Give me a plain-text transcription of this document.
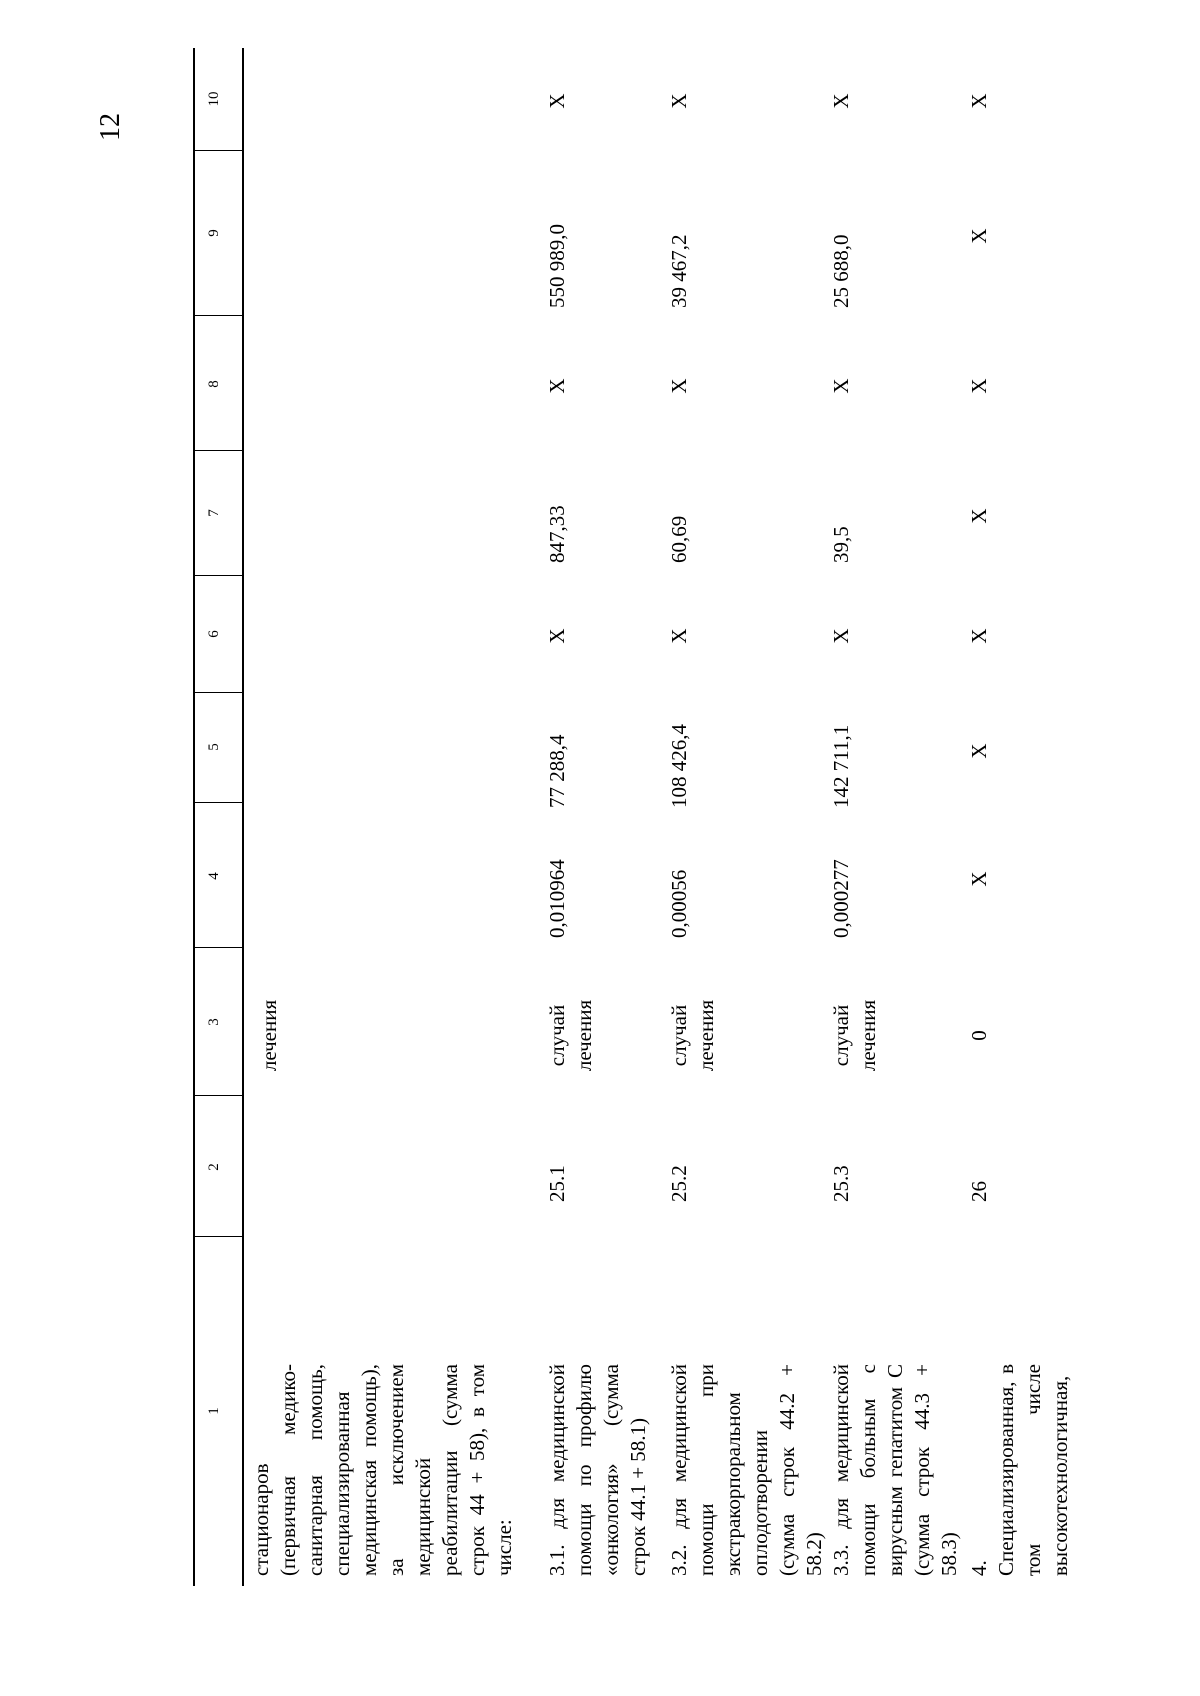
12
1
2
3
4
5
6
7
8
9
10
стационаров (первичная медико-санитарная помощь, специализированная медицинская помощь), за исключением медицинской реабилитации (сумма строк 44 + 58), в том числе:
лечения
3.1. для медицинской помощи по профилю «онкология» (сумма строк 44.1 + 58.1)
25.1
случай лечения
0,010964
77 288,4
X
847,33
X
550 989,0
X
3.2. для медицинской помощи при экстракорпоральном оплодотворении (сумма строк 44.2 + 58.2)
25.2
случай лечения
0,00056
108 426,4
X
60,69
X
39 467,2
X
3.3. для медицинской помощи больным с вирусным гепатитом С (сумма строк 44.3 + 58.3)
25.3
случай лечения
0,000277
142 711,1
X
39,5
X
25 688,0
X
4. Специализированная, в том числе высокотехнологичная,
26
0
X
X
X
X
X
X
X
